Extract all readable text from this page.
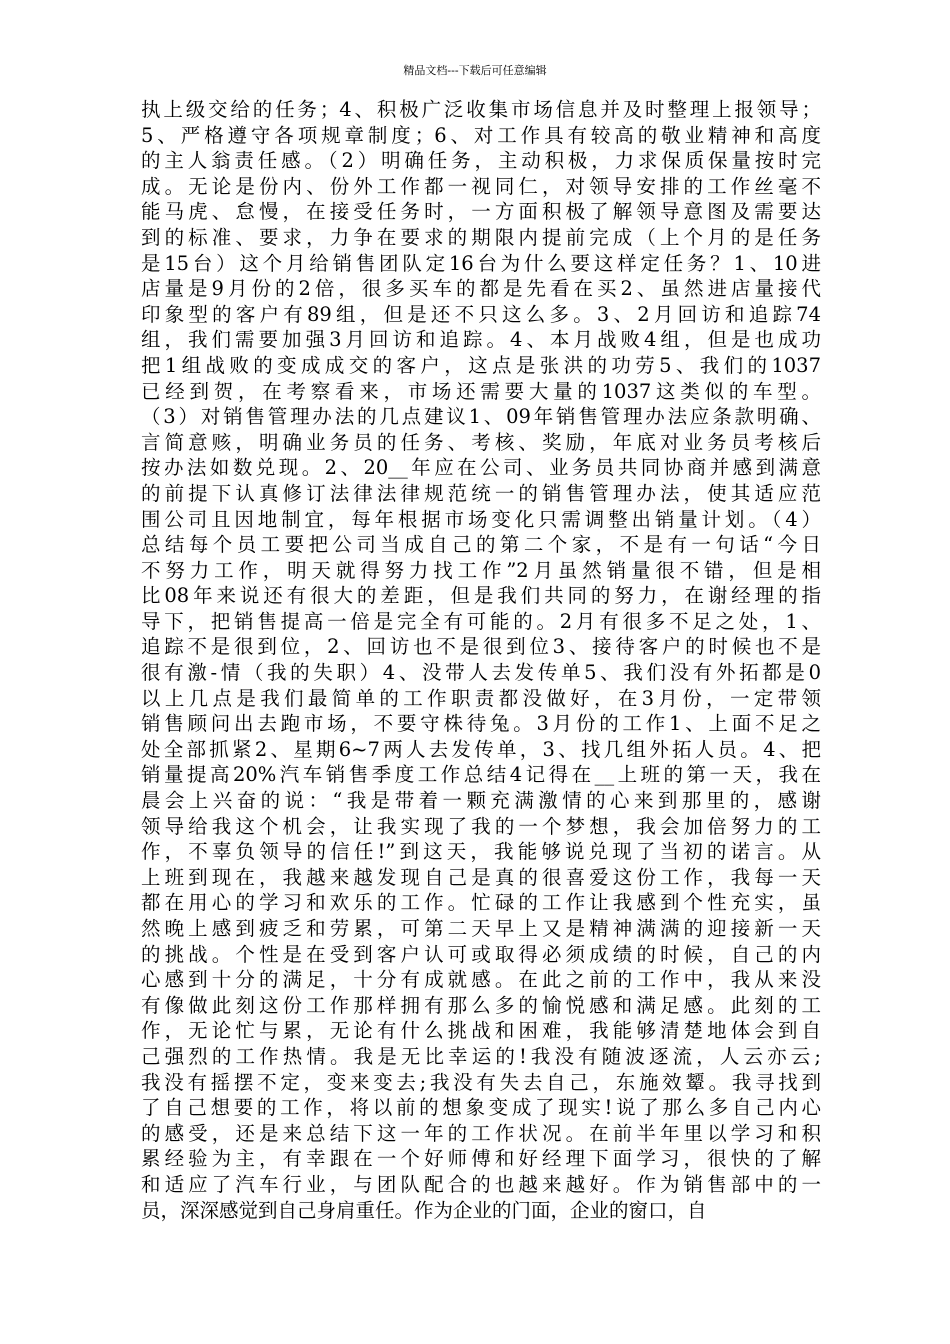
精品文档---下载后可任意编辑
执上级交给的任务；4、积极广泛收集市场信息并及时整理上报领导；
5、严格遵守各项规章制度；6、对工作具有较高的敬业精神和高度
的主人翁责任感。（2）明确任务，主动积极，力求保质保量按时完
成。无论是份内、份外工作都一视同仁，对领导安排的工作丝毫不
能马虎、怠慢，在接受任务时，一方面积极了解领导意图及需要达
到的标准、要求，力争在要求的期限内提前完成（上个月的是任务
是15台）这个月给销售团队定16台为什么要这样定任务？1、10进
店量是9月份的2倍，很多买车的都是先看在买2、虽然进店量接代
印象型的客户有89组，但是还不只这么多。3、2月回访和追踪74
组，我们需要加强3月回访和追踪。4、本月战败4组，但是也成功
把1组战败的变成成交的客户，这点是张洪的功劳5、我们的1037
已经到贺，在考察看来，市场还需要大量的1037这类似的车型。
（3）对销售管理办法的几点建议1、09年销售管理办法应条款明确、
言简意赅，明确业务员的任务、考核、奖励，年底对业务员考核后
按办法如数兑现。2、20__年应在公司、业务员共同协商并感到满意
的前提下认真修订法律法律规范统一的销售管理办法，使其适应范
围公司且因地制宜，每年根据市场变化只需调整出销量计划。（4）
总结每个员工要把公司当成自己的第二个家，不是有一句话“今日
不努力工作，明天就得努力找工作”2月虽然销量很不错，但是相
比08年来说还有很大的差距，但是我们共同的努力，在谢经理的指
导下，把销售提高一倍是完全有可能的。2月有很多不足之处，1、
追踪不是很到位，2、回访也不是很到位3、接待客户的时候也不是
很有激-情（我的失职）4、没带人去发传单5、我们没有外拓都是0
以上几点是我们最简单的工作职责都没做好，在3月份，一定带领
销售顾问出去跑市场，不要守株待兔。3月份的工作1、上面不足之
处全部抓紧2、星期6~7两人去发传单，3、找几组外拓人员。4、把
销量提高20%汽车销售季度工作总结4记得在__上班的第一天，我在
晨会上兴奋的说：“我是带着一颗充满激情的心来到那里的，感谢
领导给我这个机会，让我实现了我的一个梦想，我会加倍努力的工
作，不辜负领导的信任!”到这天，我能够说兑现了当初的诺言。从
上班到现在，我越来越发现自己是真的很喜爱这份工作，我每一天
都在用心的学习和欢乐的工作。忙碌的工作让我感到个性充实，虽
然晚上感到疲乏和劳累，可第二天早上又是精神满满的迎接新一天
的挑战。个性是在受到客户认可或取得必须成绩的时候，自己的内
心感到十分的满足，十分有成就感。在此之前的工作中，我从来没
有像做此刻这份工作那样拥有那么多的愉悦感和满足感。此刻的工
作，无论忙与累，无论有什么挑战和困难，我能够清楚地体会到自
己强烈的工作热情。我是无比幸运的!我没有随波逐流，人云亦云;
我没有摇摆不定，变来变去;我没有失去自己，东施效颦。我寻找到
了自己想要的工作，将以前的想象变成了现实!说了那么多自己内心
的感受，还是来总结下这一年的工作状况。在前半年里以学习和积
累经验为主，有幸跟在一个好师傅和好经理下面学习，很快的了解
和适应了汽车行业，与团队配合的也越来越好。作为销售部中的一
员，深深感觉到自己身肩重任。作为企业的门面，企业的窗口，自
